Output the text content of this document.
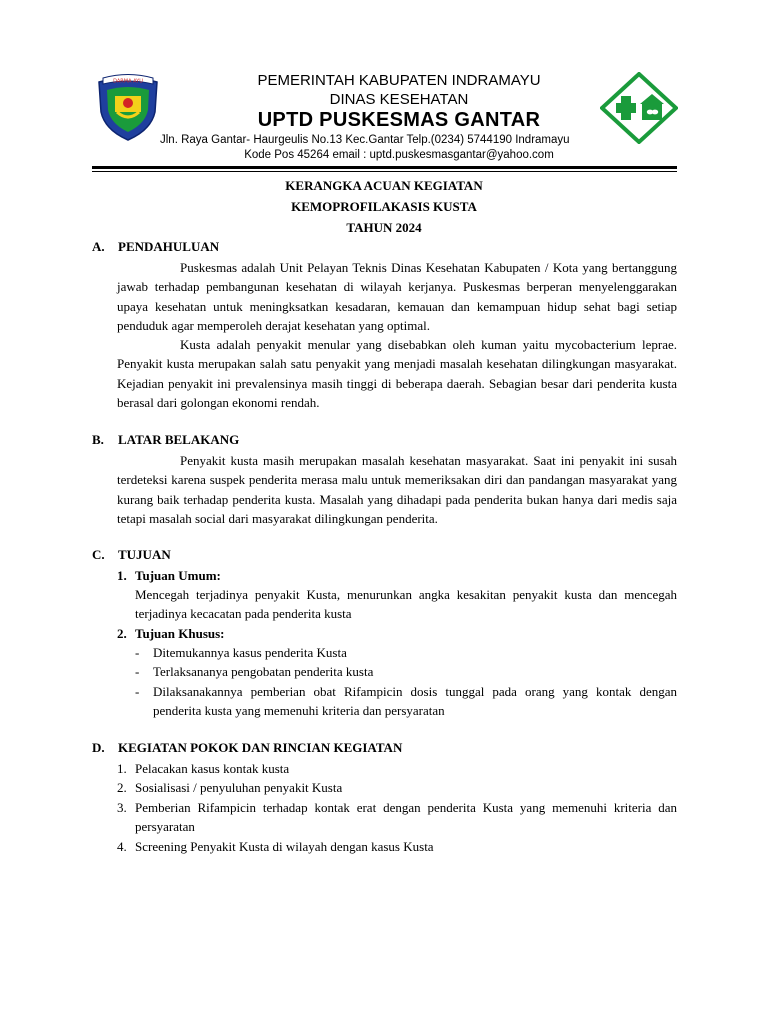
DARMA AYU	PEMERINTAH KABUPATEN INDRAMAYU
DINAS KESEHATAN
UPTD PUSKESMAS GANTAR
Jln. Raya Gantar- Haurgeulis No.13 Kec.Gantar Telp.(0234) 5744190 Indramayu
Kode Pos 45264 email : uptd.puskesmasgantar@yahoo.com
KERANGKA ACUAN KEGIATAN
KEMOPROFILAKASIS KUSTA
TAHUN 2024
A. PENDAHULUAN
Puskesmas adalah Unit Pelayan Teknis Dinas Kesehatan Kabupaten / Kota yang bertanggung jawab terhadap pembangunan kesehatan di wilayah kerjanya. Puskesmas berperan menyelenggarakan upaya kesehatan untuk meningksatkan kesadaran, kemauan dan kemampuan hidup sehat bagi setiap penduduk agar memperoleh derajat kesehatan yang optimal.
Kusta adalah penyakit menular yang disebabkan oleh kuman yaitu mycobacterium leprae. Penyakit kusta merupakan salah satu penyakit yang menjadi masalah kesehatan dilingkungan masyarakat. Kejadian penyakit ini prevalensinya masih tinggi di beberapa daerah. Sebagian besar dari penderita kusta berasal dari golongan ekonomi rendah.
B. LATAR BELAKANG
Penyakit kusta masih merupakan masalah kesehatan masyarakat. Saat ini penyakit ini susah terdeteksi karena suspek penderita merasa malu untuk memeriksakan diri dan pandangan masyarakat yang kurang baik terhadap penderita kusta. Masalah yang dihadapi pada penderita bukan hanya dari medis saja tetapi masalah social dari masyarakat dilingkungan penderita.
C. TUJUAN
1. Tujuan Umum:
Mencegah terjadinya penyakit Kusta, menurunkan angka kesakitan penyakit kusta dan mencegah terjadinya kecacatan pada penderita kusta
2. Tujuan Khusus:
- Ditemukannya kasus penderita Kusta
- Terlaksananya pengobatan penderita kusta
- Dilaksanakannya pemberian obat Rifampicin dosis tunggal pada orang yang kontak dengan penderita kusta yang memenuhi kriteria dan persyaratan
D. KEGIATAN POKOK DAN RINCIAN KEGIATAN
1. Pelacakan kasus kontak kusta
2. Sosialisasi / penyuluhan penyakit Kusta
3. Pemberian Rifampicin terhadap kontak erat dengan penderita Kusta yang memenuhi kriteria dan persyaratan
4. Screening Penyakit Kusta di wilayah dengan kasus Kusta
